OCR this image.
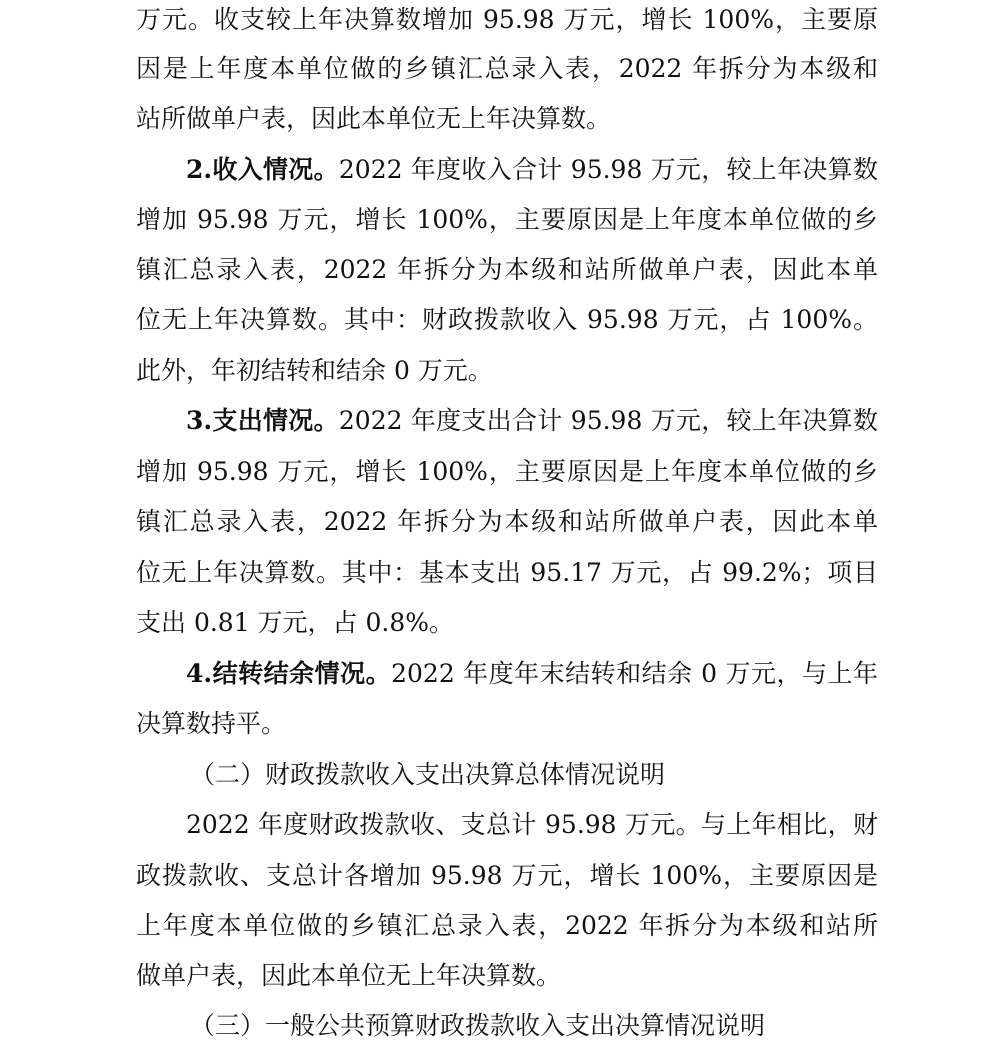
万元。收支较上年决算数增加 95.98 万元，增长 100%，主要原
因是上年度本单位做的乡镇汇总录入表，2022 年拆分为本级和
站所做单户表，因此本单位无上年决算数。
2.收入情况。2022 年度收入合计 95.98 万元，较上年决算数
增加 95.98 万元，增长 100%，主要原因是上年度本单位做的乡
镇汇总录入表，2022 年拆分为本级和站所做单户表，因此本单
位无上年决算数。其中：财政拨款收入 95.98 万元，占 100%。
此外，年初结转和结余 0 万元。
3.支出情况。2022 年度支出合计 95.98 万元，较上年决算数
增加 95.98 万元，增长 100%，主要原因是上年度本单位做的乡
镇汇总录入表，2022 年拆分为本级和站所做单户表，因此本单
位无上年决算数。其中：基本支出 95.17 万元，占 99.2%；项目
支出 0.81 万元，占 0.8%。
4.结转结余情况。2022 年度年末结转和结余 0 万元，与上年
决算数持平。
（二）财政拨款收入支出决算总体情况说明
2022 年度财政拨款收、支总计 95.98 万元。与上年相比，财
政拨款收、支总计各增加 95.98 万元，增长 100%，主要原因是
上年度本单位做的乡镇汇总录入表，2022 年拆分为本级和站所
做单户表，因此本单位无上年决算数。
（三）一般公共预算财政拨款收入支出决算情况说明
